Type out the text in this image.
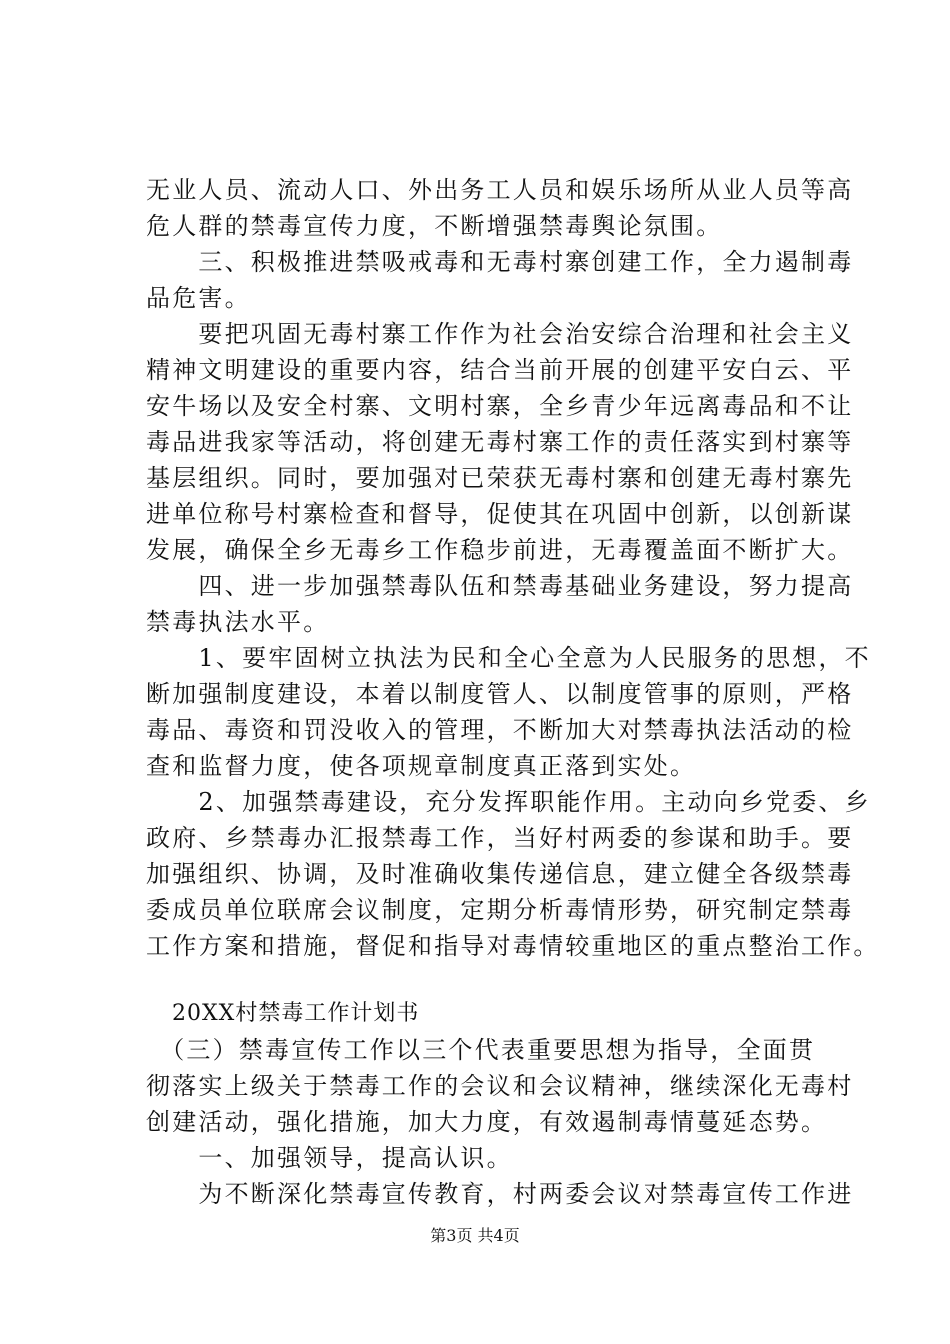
无业人员、流动人口、外出务工人员和娱乐场所从业人员等高
危人群的禁毒宣传力度，不断增强禁毒舆论氛围。
　　三、积极推进禁吸戒毒和无毒村寨创建工作，全力遏制毒
品危害。
　　要把巩固无毒村寨工作作为社会治安综合治理和社会主义
精神文明建设的重要内容，结合当前开展的创建平安白云、平
安牛场以及安全村寨、文明村寨，全乡青少年远离毒品和不让
毒品进我家等活动，将创建无毒村寨工作的责任落实到村寨等
基层组织。同时，要加强对已荣获无毒村寨和创建无毒村寨先
进单位称号村寨检查和督导，促使其在巩固中创新，以创新谋
发展，确保全乡无毒乡工作稳步前进，无毒覆盖面不断扩大。
　　四、进一步加强禁毒队伍和禁毒基础业务建设，努力提高
禁毒执法水平。
　　1、要牢固树立执法为民和全心全意为人民服务的思想，不
断加强制度建设，本着以制度管人、以制度管事的原则，严格
毒品、毒资和罚没收入的管理，不断加大对禁毒执法活动的检
查和监督力度，使各项规章制度真正落到实处。
　　2、加强禁毒建设，充分发挥职能作用。主动向乡党委、乡
政府、乡禁毒办汇报禁毒工作，当好村两委的参谋和助手。要
加强组织、协调，及时准确收集传递信息，建立健全各级禁毒
委成员单位联席会议制度，定期分析毒情形势，研究制定禁毒
工作方案和措施，督促和指导对毒情较重地区的重点整治工作。
20XX村禁毒工作计划书
　（三）禁毒宣传工作以三个代表重要思想为指导，全面贯
彻落实上级关于禁毒工作的会议和会议精神，继续深化无毒村
创建活动，强化措施，加大力度，有效遏制毒情蔓延态势。
　　一、加强领导，提高认识。
　　为不断深化禁毒宣传教育，村两委会议对禁毒宣传工作进
第3页 共4页
